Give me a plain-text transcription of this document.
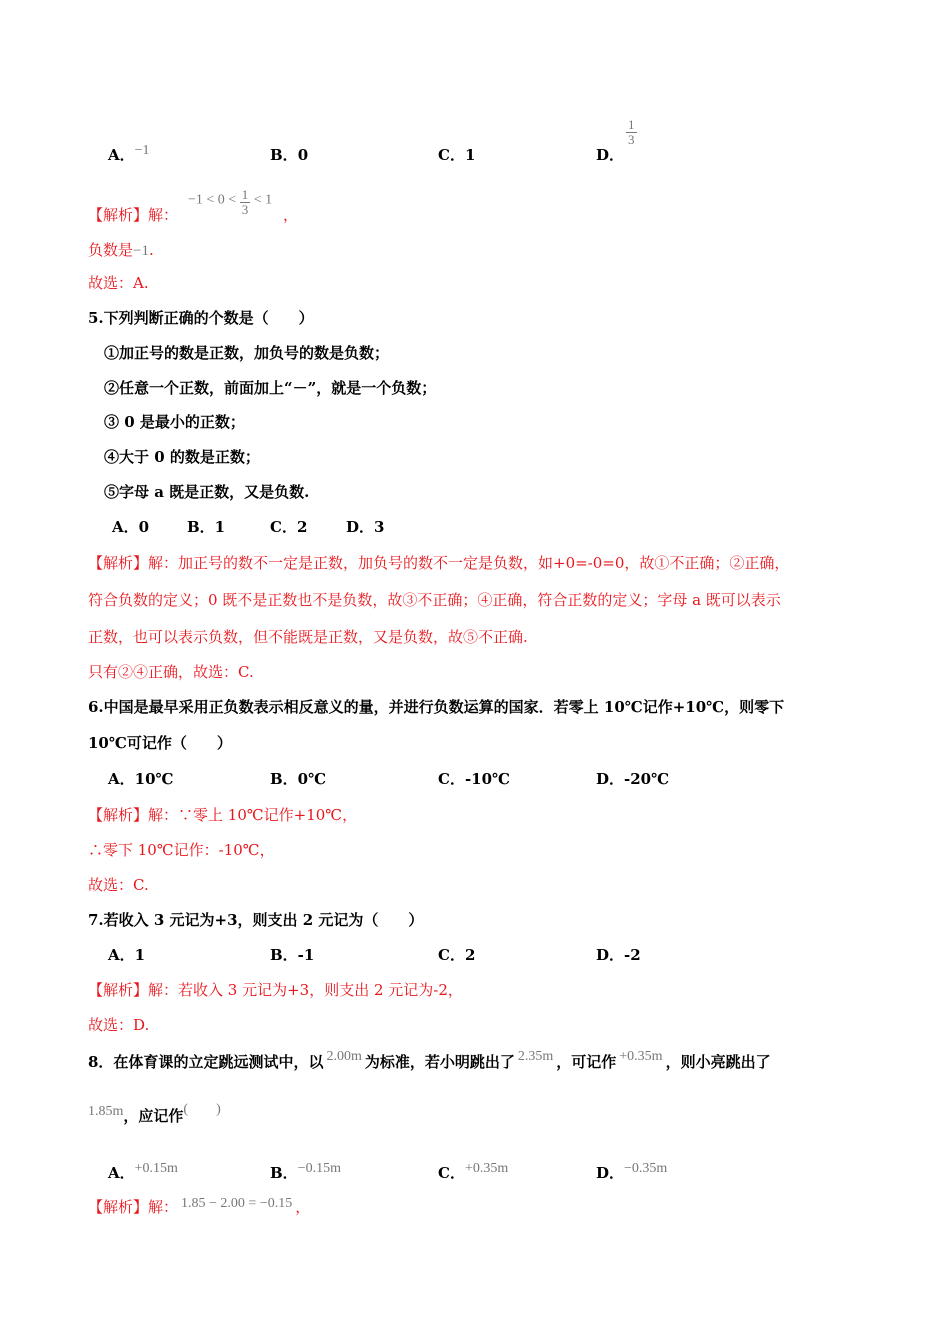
A．−1	B．0	C．1	D．
$\frac{1}{3}$
【解析】解：
$-1 < 0 < \frac{1}{3} < 1$
，
负数是−1.
故选：A.
5.下列判断正确的个数是（　　）
①加正号的数是正数，加负号的数是负数；
②任意一个正数，前面加上“－”，就是一个负数；
③ 0 是最小的正数；
④大于 0 的数是正数；
⑤字母 a 既是正数，又是负数.
A．0	B．1	C．2	D．3
【解析】解：加正号的数不一定是正数，加负号的数不一定是负数，如+0=-0=0，故①不正确；②正确，
符合负数的定义；0 既不是正数也不是负数，故③不正确；④正确，符合正数的定义；字母 a 既可以表示
正数，也可以表示负数，但不能既是正数，又是负数，故⑤不正确.
只有②④正确，故选：C.
6.中国是最早采用正负数表示相反意义的量，并进行负数运算的国家．若零上 10℃记作+10℃，则零下
10℃可记作（　　）
A．10℃	B．0℃	C．-10℃	D．-20℃
【解析】解：∵零上 10℃记作+10℃，
∴零下 10℃记作：-10℃，
故选：C.
7.若收入 3 元记为+3，则支出 2 元记为（　　）
A．1	B．-1	C．2	D．-2
【解析】解：若收入 3 元记为+3，则支出 2 元记为-2，
故选：D.
8．在体育课的立定跳远测试中，以 2.00m 为标准，若小明跳出了 2.35m ，可记作 +0.35m ，则小亮跳出了
1.85m，应记作(　　)
A．+0.15m	B．−0.15m	C．+0.35m	D．−0.35m
【解析】解： 1.85 − 2.00 = −0.15 ，
